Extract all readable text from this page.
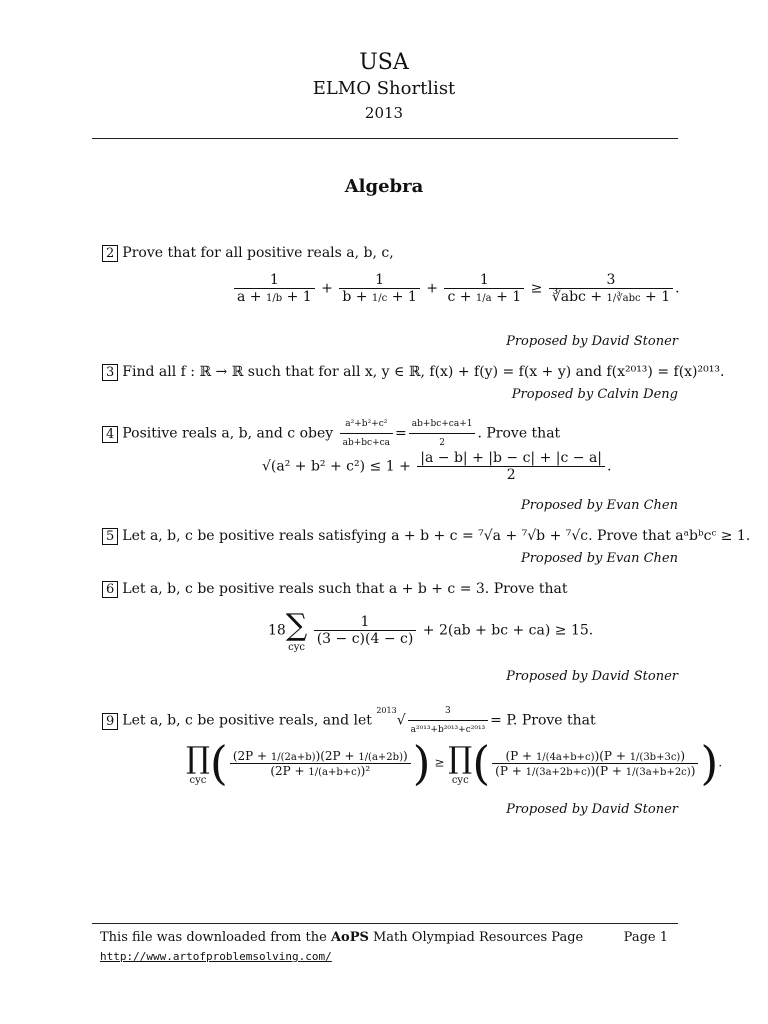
USA
ELMO Shortlist
2013
Algebra
2 Prove that for all positive reals a, b, c,
$\frac{1}{a + 1/b + 1} + \frac{1}{b + 1/c + 1} + \frac{1}{c + 1/a + 1} \ge \frac{3}{\text{∛abc + 1/∛abc + 1}}$ .
Proposed by David Stoner
3 Find all f : ℝ → ℝ such that for all x, y ∈ ℝ, f(x) + f(y) = f(x + y) and f(x²⁰¹³) = f(x)²⁰¹³.
Proposed by Calvin Deng
4 Positive reals a, b, and c obey $\frac{\text{a²+b²+c²}}{ab+bc+ca} = \frac{ab+bc+ca+1}{2}$ . Prove that
$√(a^2 + b^2 + c^2) \le 1 + \frac{|a - b| + |b - c| + |c - a|}{2}$ .
Proposed by Evan Chen
5 Let a, b, c be positive reals satisfying a + b + c = ⁷√a + ⁷√b + ⁷√c. Prove that aᵃbᵇcᶜ ≥ 1.
Proposed by Evan Chen
6 Let a, b, c be positive reals such that a + b + c = 3. Prove that
18∑
cyc

$\frac{1}{(3 - c)(4 - c)} + 2(ab$ + bc + ca) ≥ 15.
Proposed by David Stoner
9 Let a, b, c be positive reals, and let $^{2013}√ \frac{3}{\text{a²⁰¹³+b²⁰¹³+c²⁰¹³}} = P$. Prove that
∏
cyc ( $\frac{(2P + 1/(2a+b))(2P + 1/(a+2b))}{\text{(2P + 1/(a+b+c))²}}$ ) ≥ ∏
cyc ( $\frac{(P + 1/(4a+b+c))(P + 1/(3b+3c))}{(P + 1/(3a+2b+c))(P + 1/(3a+b+2c))}$ ).
Proposed by David Stoner
This file was downloaded from the AoPS Math Olympiad Resources Page
http://www.artofproblemsolving.com/
Page 1
